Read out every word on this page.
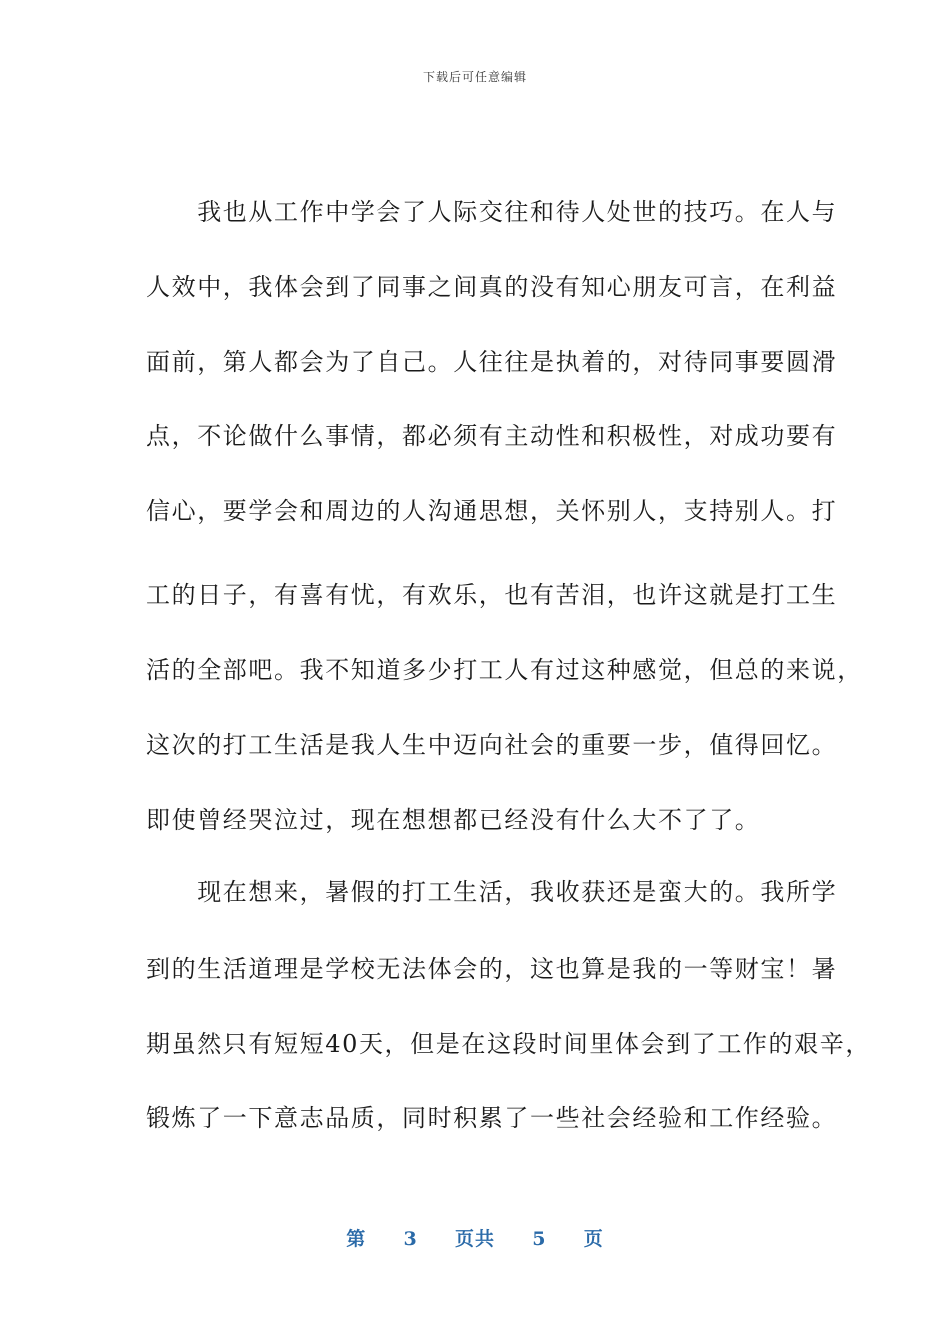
下载后可任意编辑
　　我也从工作中学会了人际交往和待人处世的技巧。在人与
人效中，我体会到了同事之间真的没有知心朋友可言，在利益
面前，第人都会为了自己。人往往是执着的，对待同事要圆滑
点，不论做什么事情，都必须有主动性和积极性，对成功要有
信心，要学会和周边的人沟通思想，关怀别人，支持别人。打
工的日子，有喜有忧，有欢乐，也有苦泪，也许这就是打工生
活的全部吧。我不知道多少打工人有过这种感觉，但总的来说，
这次的打工生活是我人生中迈向社会的重要一步，值得回忆。
即使曾经哭泣过，现在想想都已经没有什么大不了了。
　　现在想来，暑假的打工生活，我收获还是蛮大的。我所学
到的生活道理是学校无法体会的，这也算是我的一等财宝！暑
期虽然只有短短40天，但是在这段时间里体会到了工作的艰辛，
锻炼了一下意志品质，同时积累了一些社会经验和工作经验。
第 3 页共 5 页
